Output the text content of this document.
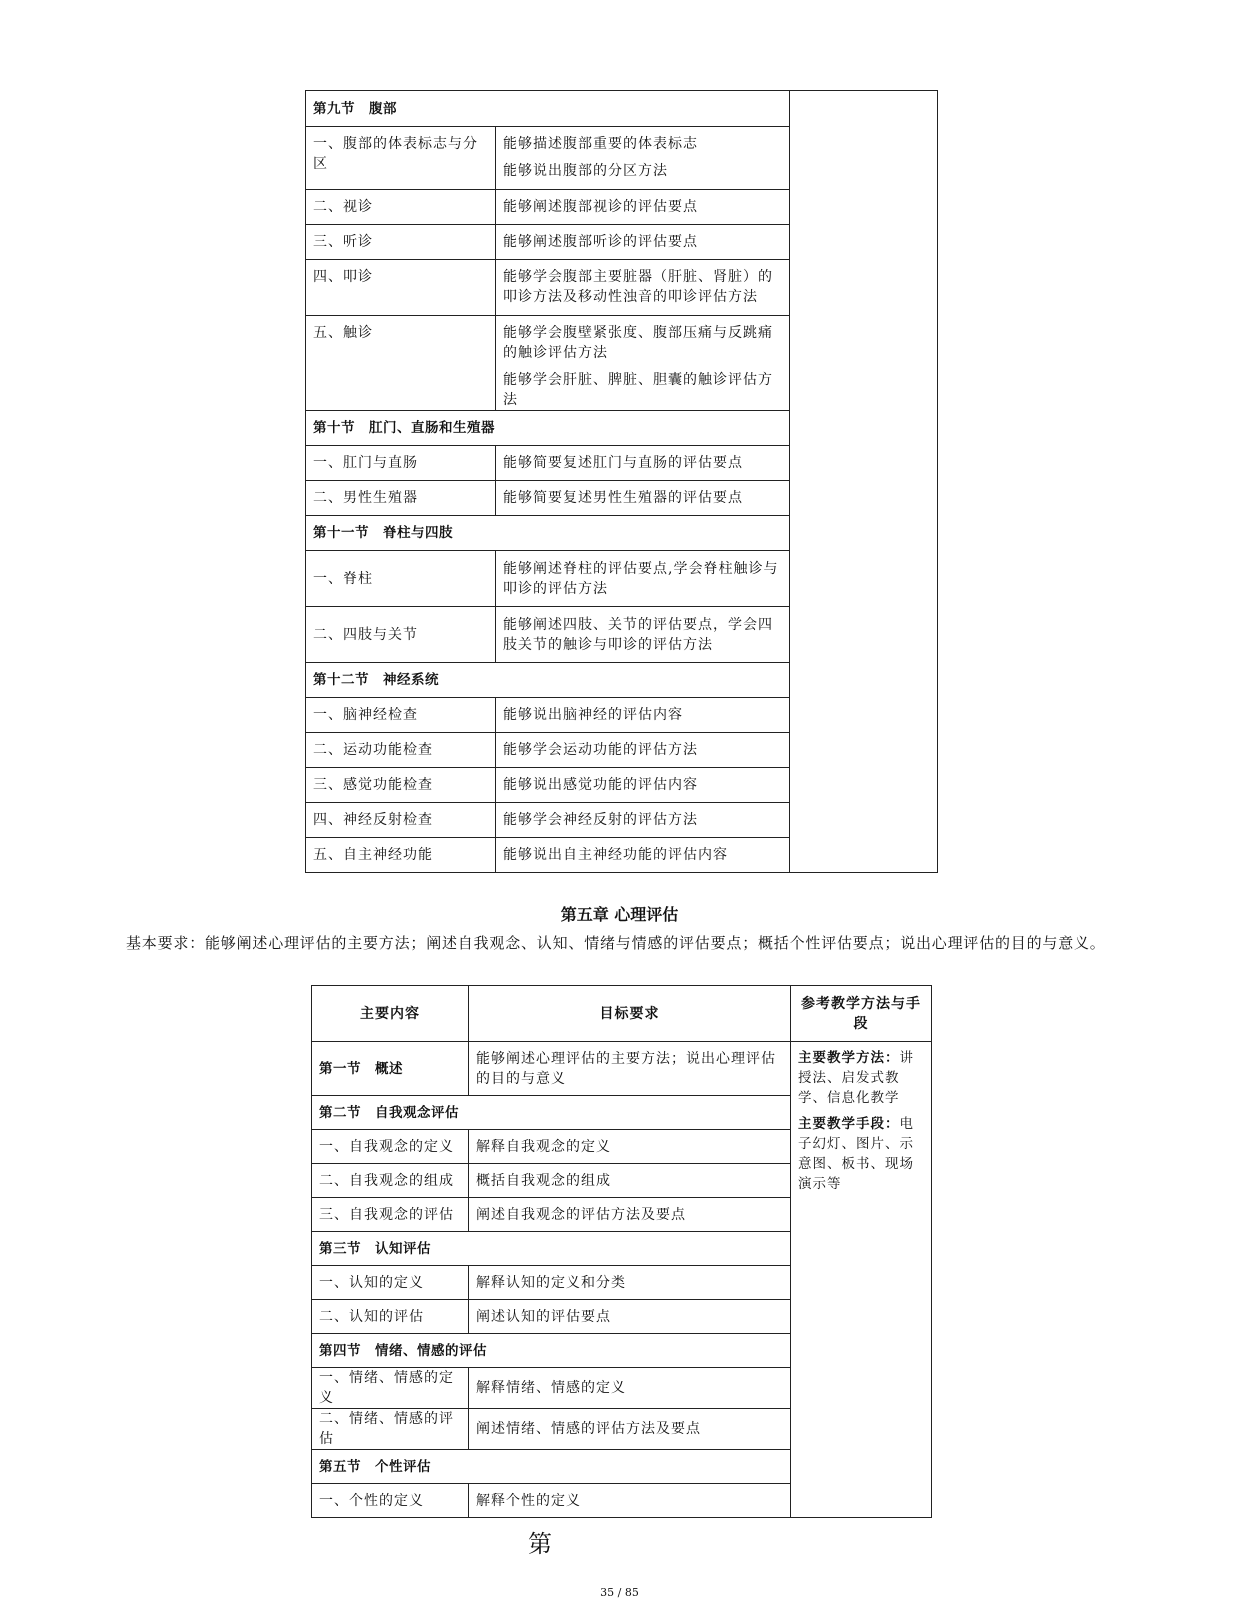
第九节　腹部		
一、腹部的体表标志与分区	能够描述腹部重要的体表标志
能够说出腹部的分区方法	

二、视诊	能够阐述腹部视诊的评估要点	
三、听诊	能够阐述腹部听诊的评估要点	
四、叩诊	能够学会腹部主要脏器（肝脏、肾脏）的叩诊方法及移动性浊音的叩诊评估方法	
五、触诊	能够学会腹壁紧张度、腹部压痛与反跳痛的触诊评估方法
能够学会肝脏、脾脏、胆囊的触诊评估方法	

第十节　肛门、直肠和生殖器		
一、肛门与直肠	能够简要复述肛门与直肠的评估要点	
二、男性生殖器	能够简要复述男性生殖器的评估要点	
第十一节　脊柱与四肢		
一、脊柱	能够阐述脊柱的评估要点,学会脊柱触诊与叩诊的评估方法	
二、四肢与关节	能够阐述四肢、关节的评估要点，学会四肢关节的触诊与叩诊的评估方法	
第十二节　神经系统		
一、脑神经检查	能够说出脑神经的评估内容	
二、运动功能检查	能够学会运动功能的评估方法	
三、感觉功能检查	能够说出感觉功能的评估内容	
四、神经反射检查	能够学会神经反射的评估方法	
五、自主神经功能	能够说出自主神经功能的评估内容	
第五章 心理评估
基本要求：能够阐述心理评估的主要方法；阐述自我观念、认知、情绪与情感的评估要点；概括个性评估要点；说出心理评估的目的与意义。
主要内容	目标要求	参考教学方法与手段
第一节　概述	能够阐述心理评估的主要方法；说出心理评估的目的与意义	主要教学方法：讲授法、启发式教学、信息化教学
主要教学手段：电子幻灯、图片、示意图、板书、现场演示等

第二节　自我观念评估		
一、自我观念的定义	解释自我观念的定义	
二、自我观念的组成	概括自我观念的组成	
三、自我观念的评估	阐述自我观念的评估方法及要点	
第三节　认知评估		
一、认知的定义	解释认知的定义和分类	
二、认知的评估	阐述认知的评估要点	
第四节　情绪、情感的评估		
一、情绪、情感的定义	解释情绪、情感的定义	
二、情绪、情感的评估	阐述情绪、情感的评估方法及要点	
第五节　个性评估		
一、个性的定义	解释个性的定义	
第
35 / 85
